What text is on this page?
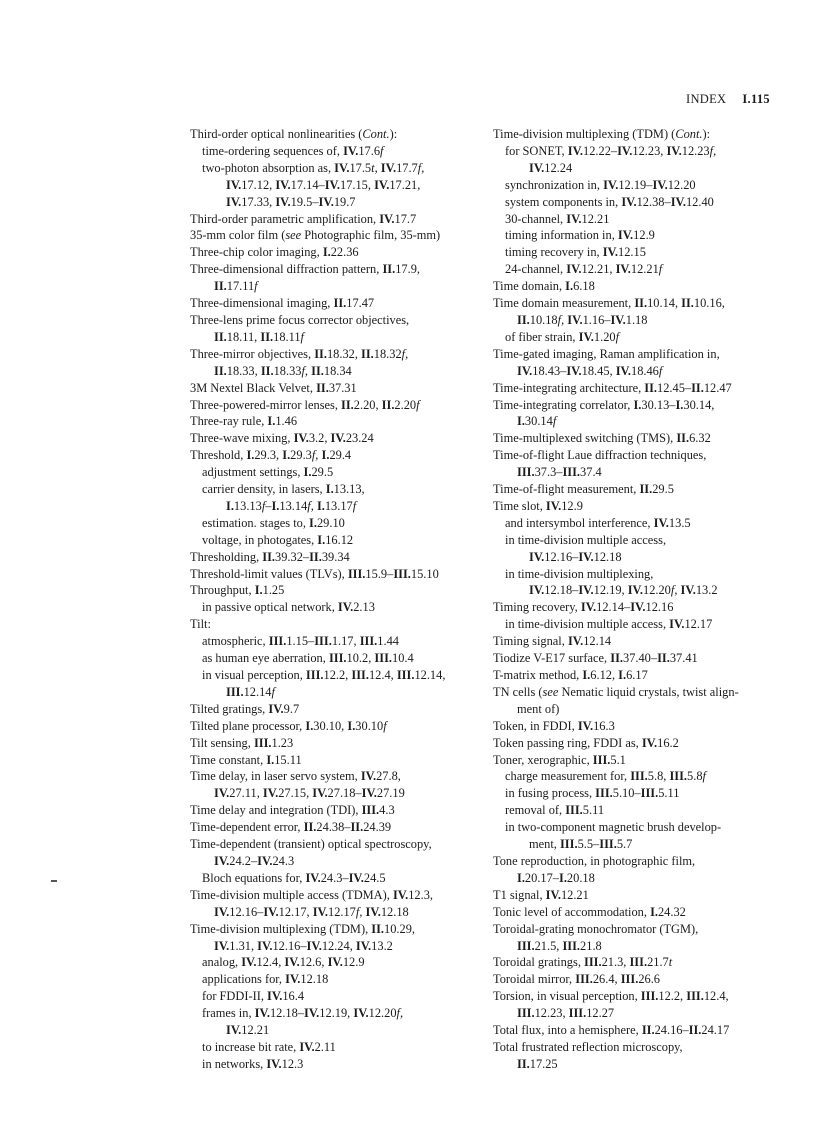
INDEX I.115
Third-order optical nonlinearities (Cont.):
time-ordering sequences of, IV.17.6f
two-photon absorption as, IV.17.5t, IV.17.7f,
IV.17.12, IV.17.14–IV.17.15, IV.17.21,
IV.17.33, IV.19.5–IV.19.7
Third-order parametric amplification, IV.17.7
35-mm color film (see Photographic film, 35-mm)
Three-chip color imaging, I.22.36
Three-dimensional diffraction pattern, II.17.9,
II.17.11f
Three-dimensional imaging, II.17.47
Three-lens prime focus corrector objectives,
II.18.11, II.18.11f
Three-mirror objectives, II.18.32, II.18.32f,
II.18.33, II.18.33f, II.18.34
3M Nextel Black Velvet, II.37.31
Three-powered-mirror lenses, II.2.20, II.2.20f
Three-ray rule, I.1.46
Three-wave mixing, IV.3.2, IV.23.24
Threshold, I.29.3, I.29.3f, I.29.4
adjustment settings, I.29.5
carrier density, in lasers, I.13.13,
I.13.13f–I.13.14f, I.13.17f
estimation. stages to, I.29.10
voltage, in photogates, I.16.12
Thresholding, II.39.32–II.39.34
Threshold-limit values (TLVs), III.15.9–III.15.10
Throughput, I.1.25
in passive optical network, IV.2.13
Tilt:
atmospheric, III.1.15–III.1.17, III.1.44
as human eye aberration, III.10.2, III.10.4
in visual perception, III.12.2, III.12.4, III.12.14,
III.12.14f
Tilted gratings, IV.9.7
Tilted plane processor, I.30.10, I.30.10f
Tilt sensing, III.1.23
Time constant, I.15.11
Time delay, in laser servo system, IV.27.8,
IV.27.11, IV.27.15, IV.27.18–IV.27.19
Time delay and integration (TDI), III.4.3
Time-dependent error, II.24.38–II.24.39
Time-dependent (transient) optical spectroscopy,
IV.24.2–IV.24.3
Bloch equations for, IV.24.3–IV.24.5
Time-division multiple access (TDMA), IV.12.3,
IV.12.16–IV.12.17, IV.12.17f, IV.12.18
Time-division multiplexing (TDM), II.10.29,
IV.1.31, IV.12.16–IV.12.24, IV.13.2
analog, IV.12.4, IV.12.6, IV.12.9
applications for, IV.12.18
for FDDI-II, IV.16.4
frames in, IV.12.18–IV.12.19, IV.12.20f,
IV.12.21
to increase bit rate, IV.2.11
in networks, IV.12.3
Time-division multiplexing (TDM) (Cont.):
for SONET, IV.12.22–IV.12.23, IV.12.23f,
IV.12.24
synchronization in, IV.12.19–IV.12.20
system components in, IV.12.38–IV.12.40
30-channel, IV.12.21
timing information in, IV.12.9
timing recovery in, IV.12.15
24-channel, IV.12.21, IV.12.21f
Time domain, I.6.18
Time domain measurement, II.10.14, II.10.16,
II.10.18f, IV.1.16–IV.1.18
of fiber strain, IV.1.20f
Time-gated imaging, Raman amplification in,
IV.18.43–IV.18.45, IV.18.46f
Time-integrating architecture, II.12.45–II.12.47
Time-integrating correlator, I.30.13–I.30.14,
I.30.14f
Time-multiplexed switching (TMS), II.6.32
Time-of-flight Laue diffraction techniques,
III.37.3–III.37.4
Time-of-flight measurement, II.29.5
Time slot, IV.12.9
and intersymbol interference, IV.13.5
in time-division multiple access,
IV.12.16–IV.12.18
in time-division multiplexing,
IV.12.18–IV.12.19, IV.12.20f, IV.13.2
Timing recovery, IV.12.14–IV.12.16
in time-division multiple access, IV.12.17
Timing signal, IV.12.14
Tiodize V-E17 surface, II.37.40–II.37.41
T-matrix method, I.6.12, I.6.17
TN cells (see Nematic liquid crystals, twist align-
ment of)
Token, in FDDI, IV.16.3
Token passing ring, FDDI as, IV.16.2
Toner, xerographic, III.5.1
charge measurement for, III.5.8, III.5.8f
in fusing process, III.5.10–III.5.11
removal of, III.5.11
in two-component magnetic brush develop-
ment, III.5.5–III.5.7
Tone reproduction, in photographic film,
I.20.17–I.20.18
T1 signal, IV.12.21
Tonic level of accommodation, I.24.32
Toroidal-grating monochromator (TGM),
III.21.5, III.21.8
Toroidal gratings, III.21.3, III.21.7t
Toroidal mirror, III.26.4, III.26.6
Torsion, in visual perception, III.12.2, III.12.4,
III.12.23, III.12.27
Total flux, into a hemisphere, II.24.16–II.24.17
Total frustrated reflection microscopy,
II.17.25
